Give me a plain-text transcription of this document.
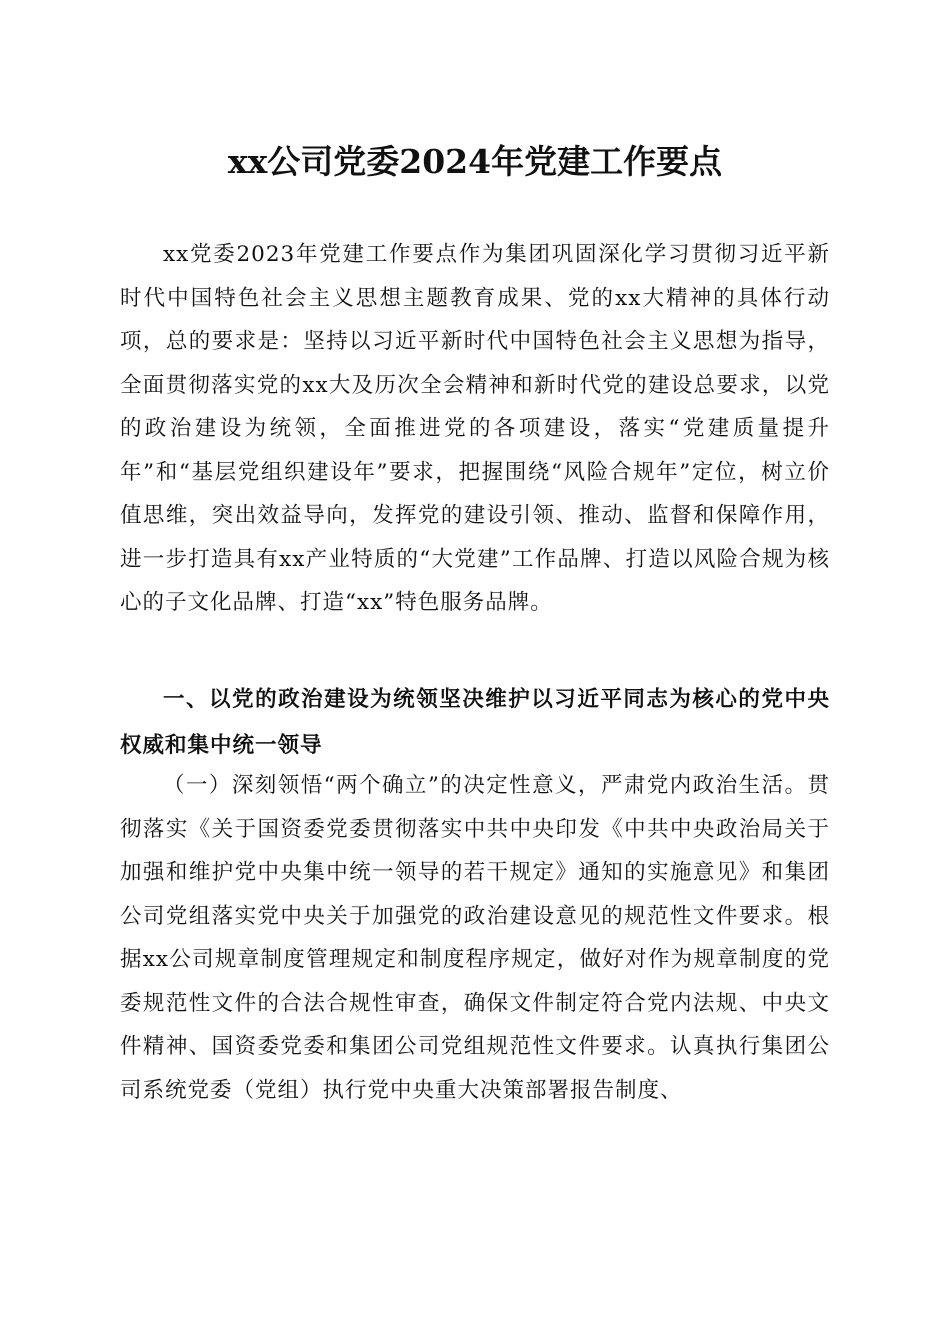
xx公司党委2024年党建工作要点

xx党委2023年党建工作要点作为集团巩固深化学习贯彻习近平新时代中国特色社会主义思想主题教育成果、党的xx大精神的具体行动项，总的要求是：坚持以习近平新时代中国特色社会主义思想为指导，全面贯彻落实党的xx大及历次全会精神和新时代党的建设总要求，以党的政治建设为统领，全面推进党的各项建设，落实“党建质量提升年”和“基层党组织建设年”要求，把握围绕“风险合规年”定位，树立价值思维，突出效益导向，发挥党的建设引领、推动、监督和保障作用，进一步打造具有xx产业特质的“大党建”工作品牌、打造以风险合规为核心的子文化品牌、打造“xx”特色服务品牌。

一、以党的政治建设为统领坚决维护以习近平同志为核心的党中央权威和集中统一领导

（一）深刻领悟“两个确立”的决定性意义，严肃党内政治生活。贯彻落实《关于国资委党委贯彻落实中共中央印发《中共中央政治局关于加强和维护党中央集中统一领导的若干规定》通知的实施意见》和集团公司党组落实党中央关于加强党的政治建设意见的规范性文件要求。根据xx公司规章制度管理规定和制度程序规定，做好对作为规章制度的党委规范性文件的合法合规性审查，确保文件制定符合党内法规、中央文件精神、国资委党委和集团公司党组规范性文件要求。认真执行集团公司系统党委（党组）执行党中央重大决策部署报告制度、
